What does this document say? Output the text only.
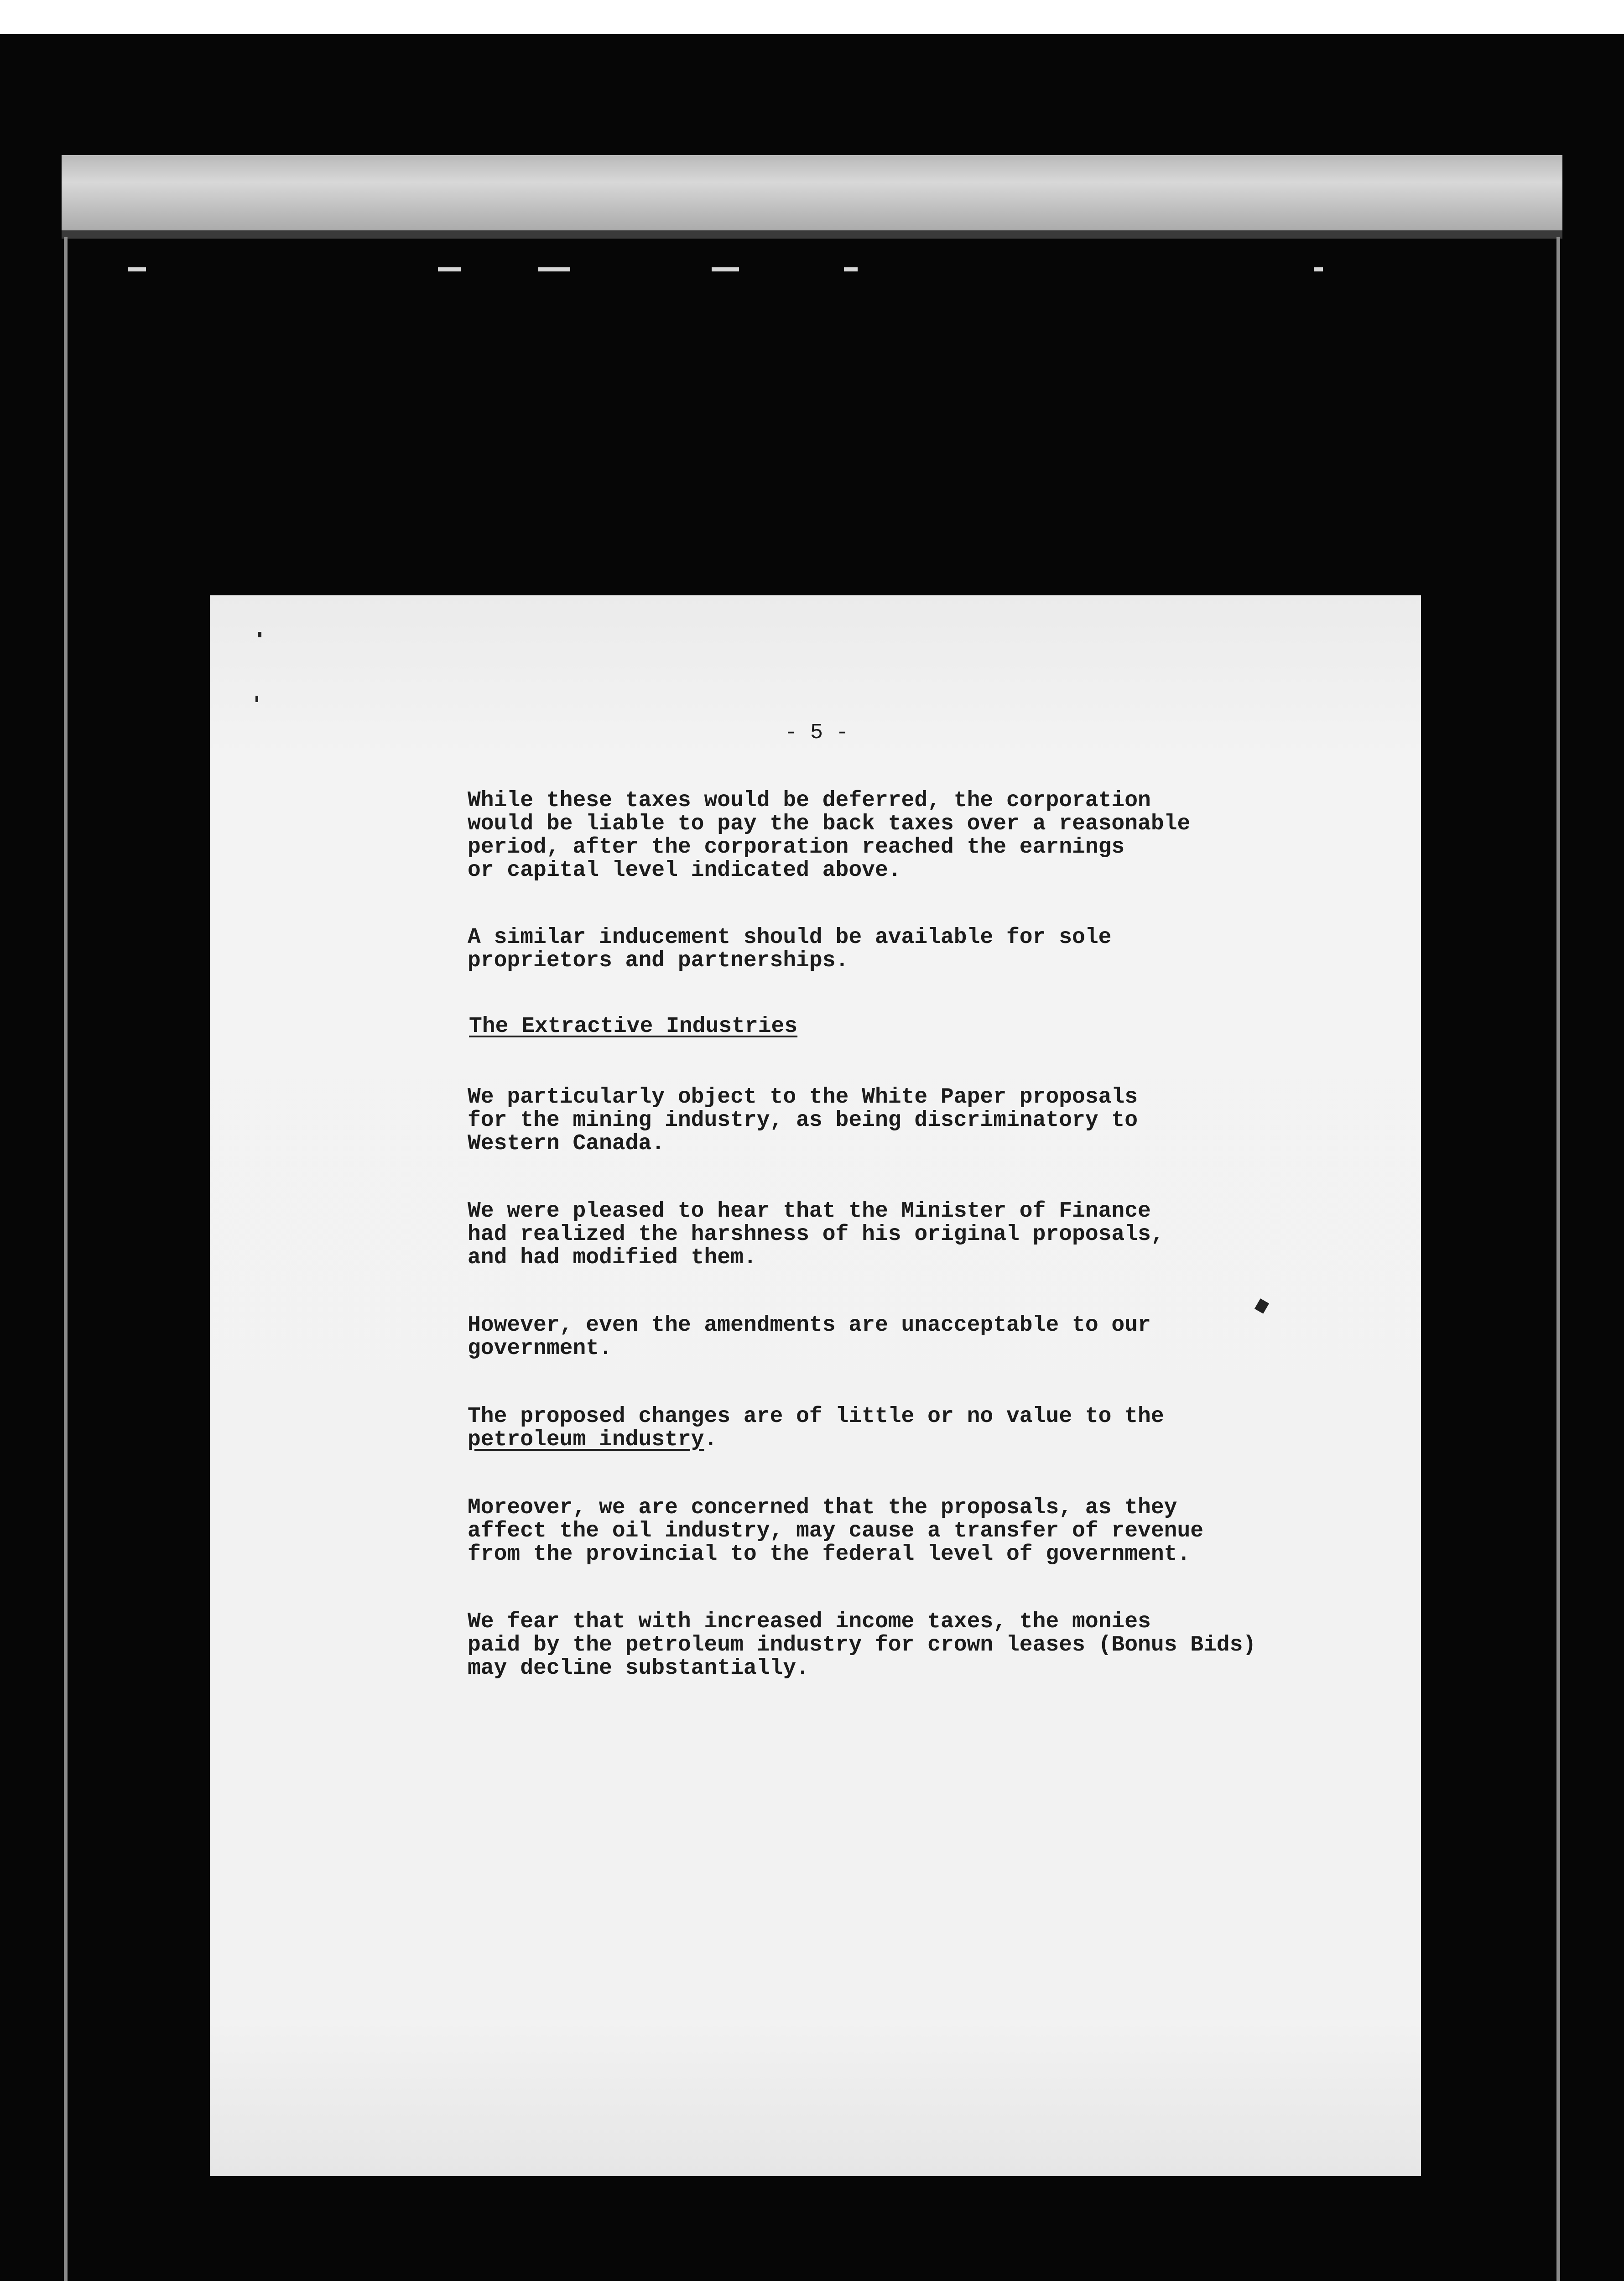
- 5 -

While these taxes would be deferred, the corporation
would be liable to pay the back taxes over a reasonable
period, after the corporation reached the earnings
or capital level indicated above.

A similar inducement should be available for sole
proprietors and partnerships.

The Extractive Industries

We particularly object to the White Paper proposals
for the mining industry, as being discriminatory to
Western Canada.

We were pleased to hear that the Minister of Finance
had realized the harshness of his original proposals,
and had modified them.

However, even the amendments are unacceptable to our
government.

The proposed changes are of little or no value to the
petroleum industry.

Moreover, we are concerned that the proposals, as they
affect the oil industry, may cause a transfer of revenue
from the provincial to the federal level of government.

We fear that with increased income taxes, the monies
paid by the petroleum industry for crown leases (Bonus Bids)
may decline substantially.
